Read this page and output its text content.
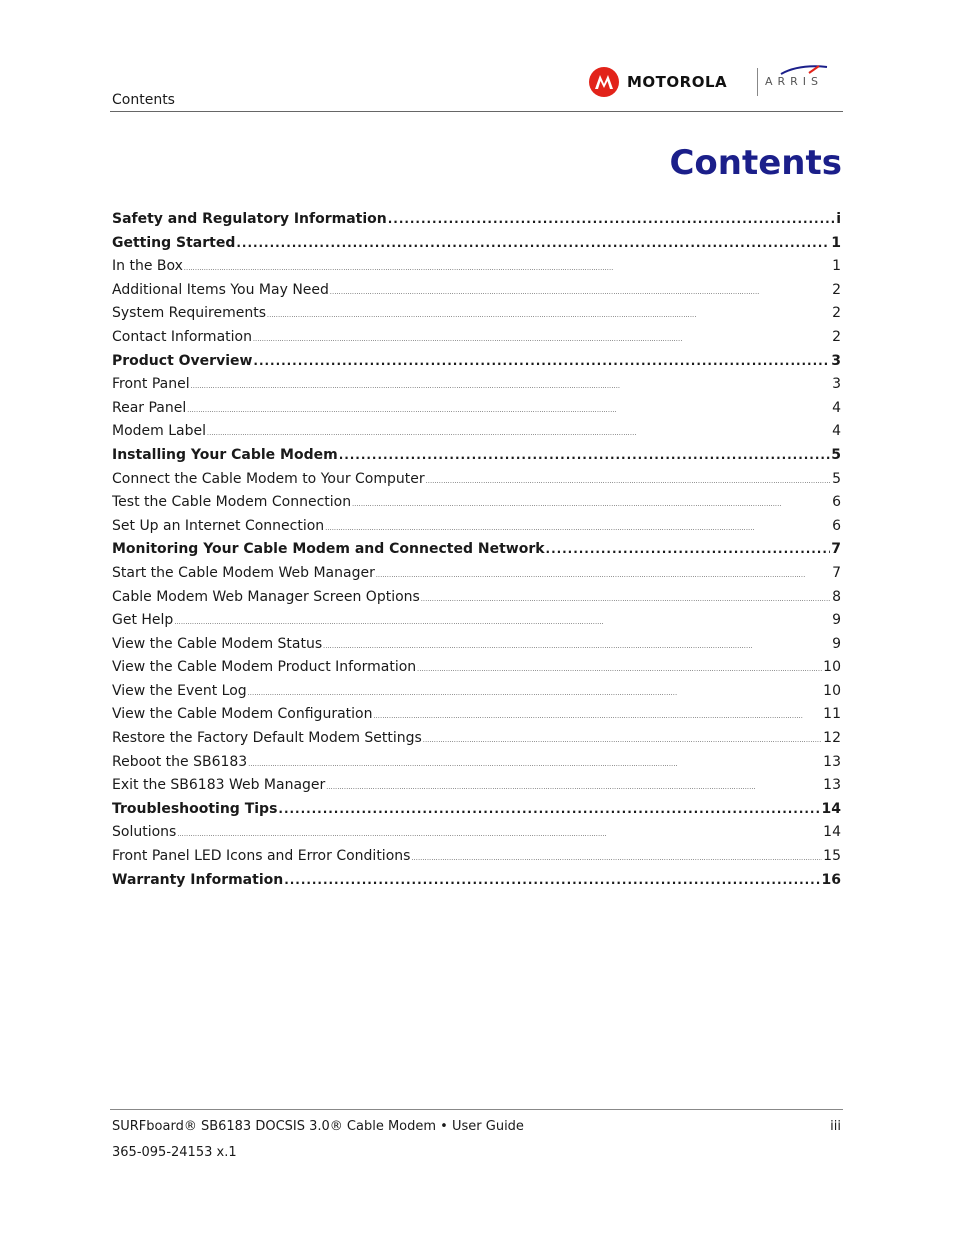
Contents
MOTOROLA	ARRIS
Contents
Safety and Regulatory Information . . .	i
Getting Started . . .	1
In the Box . . .	1
Additional Items You May Need . . .	2
System Requirements . . .	2
Contact Information . . .	2
Product Overview . . .	3
Front Panel . . .	3
Rear Panel . . .	4
Modem Label . . .	4
Installing Your Cable Modem . . .	5
Connect the Cable Modem to Your Computer . . .	5
Test the Cable Modem Connection . . .	6
Set Up an Internet Connection . . .	6
Monitoring Your Cable Modem and Connected Network . . .	7
Start the Cable Modem Web Manager . . .	7
Cable Modem Web Manager Screen Options . . .	8
Get Help . . .	9
View the Cable Modem Status . . .	9
View the Cable Modem Product Information . . .	10
View the Event Log . . .	10
View the Cable Modem Configuration . . .	11
Restore the Factory Default Modem Settings . . .	12
Reboot the SB6183 . . .	13
Exit the SB6183 Web Manager . . .	13
Troubleshooting Tips . . .	14
Solutions . . .	14
Front Panel LED Icons and Error Conditions . . .	15
Warranty Information . . .	16
SURFboard® SB6183 DOCSIS 3.0® Cable Modem • User Guide	iii
365-095-24153 x.1
